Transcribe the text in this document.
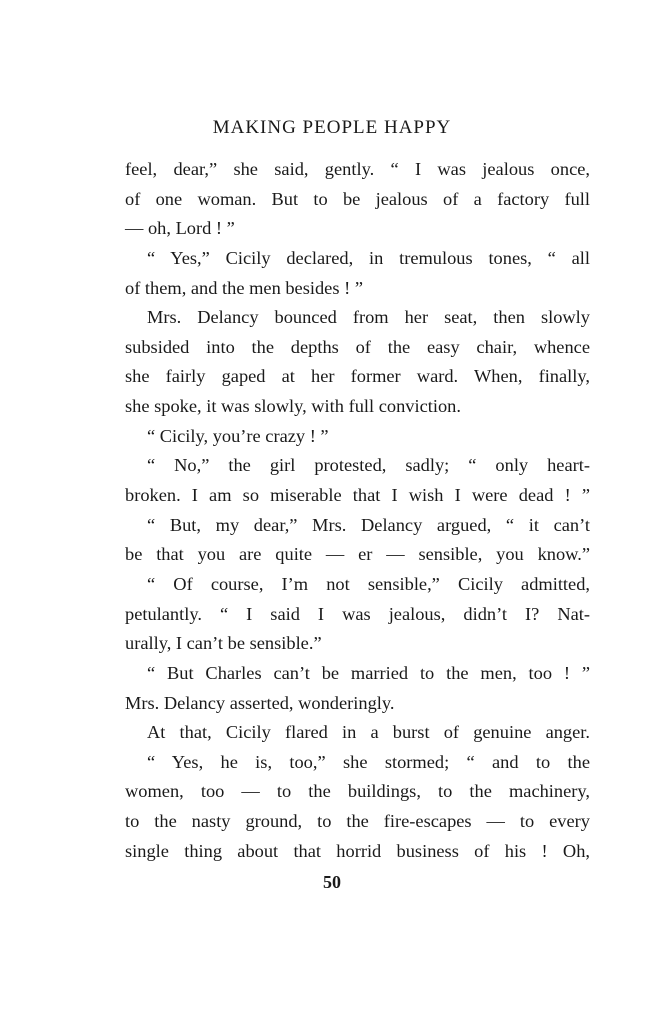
MAKING PEOPLE HAPPY
feel, dear,” she said, gently. “ I was jealous once,
of one woman. But to be jealous of a factory full
— oh, Lord ! ”
“ Yes,” Cicily declared, in tremulous tones, “ all
of them, and the men besides ! ”
Mrs. Delancy bounced from her seat, then slowly
subsided into the depths of the easy chair, whence
she fairly gaped at her former ward. When, finally,
she spoke, it was slowly, with full conviction.
“ Cicily, you’re crazy ! ”
“ No,” the girl protested, sadly; “ only heart-
broken. I am so miserable that I wish I were dead ! ”
“ But, my dear,” Mrs. Delancy argued, “ it can’t
be that you are quite — er — sensible, you know.”
“ Of course, I’m not sensible,” Cicily admitted,
petulantly. “ I said I was jealous, didn’t I? Nat-
urally, I can’t be sensible.”
“ But Charles can’t be married to the men, too ! ”
Mrs. Delancy asserted, wonderingly.
At that, Cicily flared in a burst of genuine anger.
“ Yes, he is, too,” she stormed; “ and to the
women, too — to the buildings, to the machinery,
to the nasty ground, to the fire-escapes — to every
single thing about that horrid business of his ! Oh,
50
